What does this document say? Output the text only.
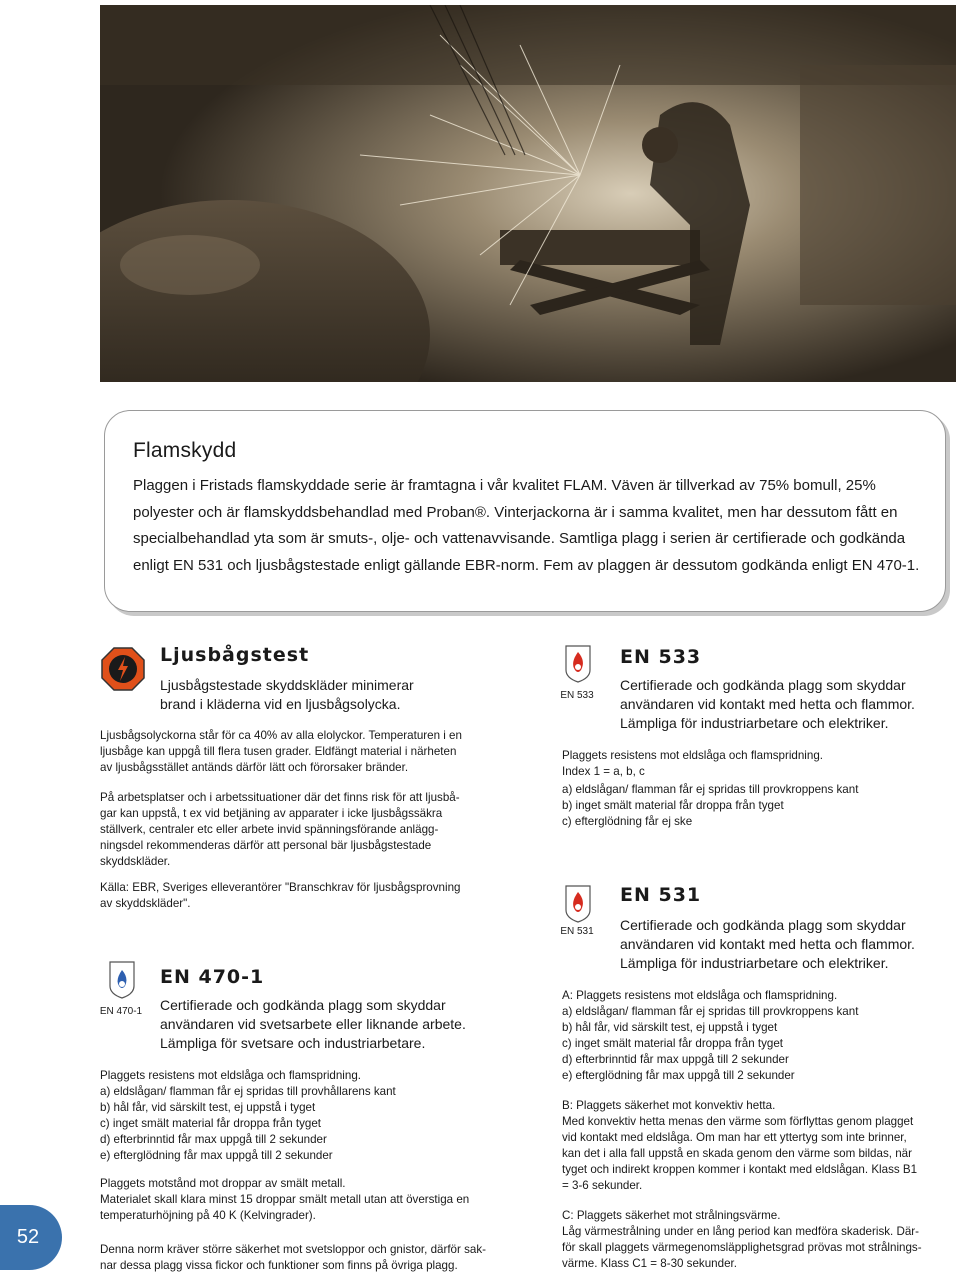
Flamskydd

Plaggen i Fristads flamskyddade serie är framtagna i vår kvalitet FLAM. Väven är tillverkad av 75% bomull, 25% polyester och är flamskyddsbehandlad med Proban®. Vinterjackorna är i samma kvalitet, men har dessutom fått en specialbehandlad yta som är smuts-, olje- och vattenavvisande. Samtliga plagg i serien är certifierade och godkända enligt EN 531 och ljusbågstestade enligt gällande EBR-norm. Fem av plaggen är dessutom godkända enligt EN 470-1.

Ljusbågstest

Ljusbågstestade skyddskläder minimerar brand i kläderna vid en ljusbågsolycka.

Ljusbågsolyckorna står för ca 40% av alla elolyckor. Temperaturen i en
ljusbåge kan uppgå till flera tusen grader. Eldfängt material i närheten
av ljusbågsstället antänds därför lätt och förorsaker bränder.

På arbetsplatser och i arbetssituationer där det finns risk för att ljusbå-
gar kan uppstå, t ex vid betjäning av apparater i icke ljusbågssäkra
ställverk, centraler etc eller arbete invid spänningsförande anlägg-
ningsdel rekommenderas därför att personal bär ljusbågstestade
skyddskläder.

Källa: EBR, Sveriges elleverantörer "Branschkrav för ljusbågsprovning
av skyddskläder".

EN 470-1
EN 470-1

Certifierade och godkända plagg som skyddar användaren vid svetsarbete eller liknande arbete. Lämpliga för svetsare och industriarbetare.

Plaggets resistens mot eldslåga och flamspridning.
a) eldslågan/ flamman får ej spridas till provhållarens kant
b) hål får, vid särskilt test, ej uppstå i tyget
c) inget smält material får droppa från tyget
d) efterbrinntid får max uppgå till 2 sekunder
e) efterglödning får max uppgå till 2 sekunder

Plaggets motstånd mot droppar av smält metall.
Materialet skall klara minst 15 droppar smält metall utan att överstiga en
temperaturhöjning på 40 K (Kelvingrader).

Denna norm kräver större säkerhet mot svetsloppor och gnistor, därför sak-
nar dessa plagg vissa fickor och funktioner som finns på övriga plagg.

EN 533
EN 533

Certifierade och godkända plagg som skyddar användaren vid kontakt med hetta och flammor. Lämpliga för industriarbetare och elektriker.

Plaggets resistens mot eldslåga och flamspridning.
Index 1 = a, b, c

a) eldslågan/ flamman får ej spridas till provkroppens kant
b) inget smält material får droppa från tyget
c) efterglödning får ej ske

EN 531
EN 531

Certifierade och godkända plagg som skyddar användaren vid kontakt med hetta och flammor. Lämpliga för industriarbetare och elektriker.

A: Plaggets resistens mot eldslåga och flamspridning.
a) eldslågan/ flamman får ej spridas till provkroppens kant
b) hål får, vid särskilt test, ej uppstå i tyget
c) inget smält material får droppa från tyget
d) efterbrinntid får max uppgå till 2 sekunder
e) efterglödning får max uppgå till 2 sekunder

B: Plaggets säkerhet mot konvektiv hetta.
Med konvektiv hetta menas den värme som förflyttas genom plagget
vid kontakt med eldslåga. Om man har ett yttertyg som inte brinner,
kan det i alla fall uppstå en skada genom den värme som bildas, när
tyget och indirekt kroppen kommer i kontakt med eldslågan. Klass B1
= 3-6 sekunder.

C: Plaggets säkerhet mot strålningsvärme.
Låg värmestrålning under en lång period kan medföra skaderisk. Där-
för skall plaggets värmegenomsläpplighetsgrad prövas mot strålnings-
värme. Klass C1 = 8-30 sekunder.

52
